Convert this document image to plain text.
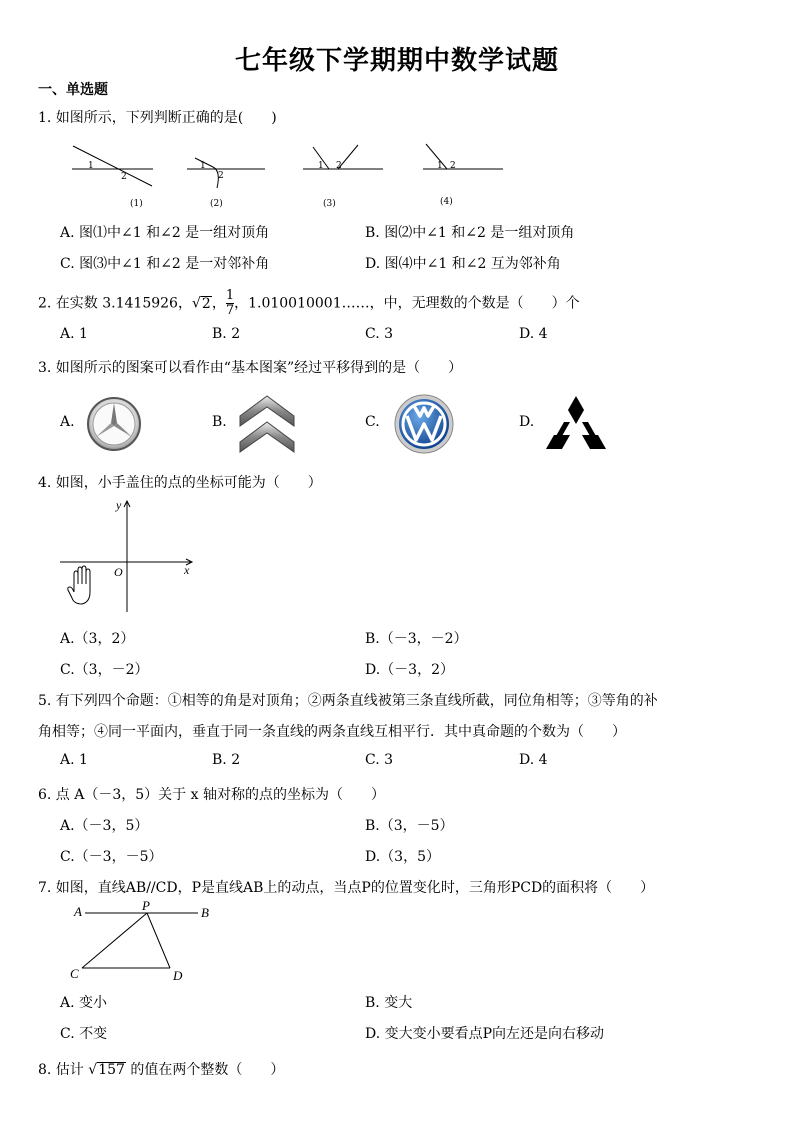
七年级下学期期中数学试题
一、单选题
1. 如图所示，下列判断正确的是(　　)
1
2
(1)
1
2
(2)
1 2
(3)
1 2
(4)
A. 图⑴中∠1 和∠2 是一组对顶角	B. 图⑵中∠1 和∠2 是一组对顶角
C. 图⑶中∠1 和∠2 是一对邻补角	D. 图⑷中∠1 和∠2 互为邻补角
2. 在实数 3.1415926，√2， $\frac{1}{7}$ ，1.010010001……，中，无理数的个数是（　　）个
A. 1	B. 2	C. 3	D. 4
3. 如图所示的图案可以看作由“基本图案”经过平移得到的是（　　）
A.	B.	C.	D.
4. 如图，小手盖住的点的坐标可能为（　　）
y
x
O
A.（3，2）	B.（－3，－2）
C.（3，－2）	D.（－3，2）
5. 有下列四个命题：①相等的角是对顶角；②两条直线被第三条直线所截，同位角相等；③等角的补
角相等；④同一平面内，垂直于同一条直线的两条直线互相平行．其中真命题的个数为（　　）
A. 1	B. 2	C. 3	D. 4
6. 点 A（－3，5）关于 x 轴对称的点的坐标为（　　）
A.（－3，5）	B.（3，－5）
C.（－3，－5）	D.（3，5）
7. 如图，直线AB//CD，P是直线AB上的动点，当点P的位置变化时，三角形PCD的面积将（　　）
A	P	B
C	D
A. 变小	B. 变大
C. 不变	D. 变大变小要看点P向左还是向右移动
8. 估计 √157 的值在两个整数（　　）
